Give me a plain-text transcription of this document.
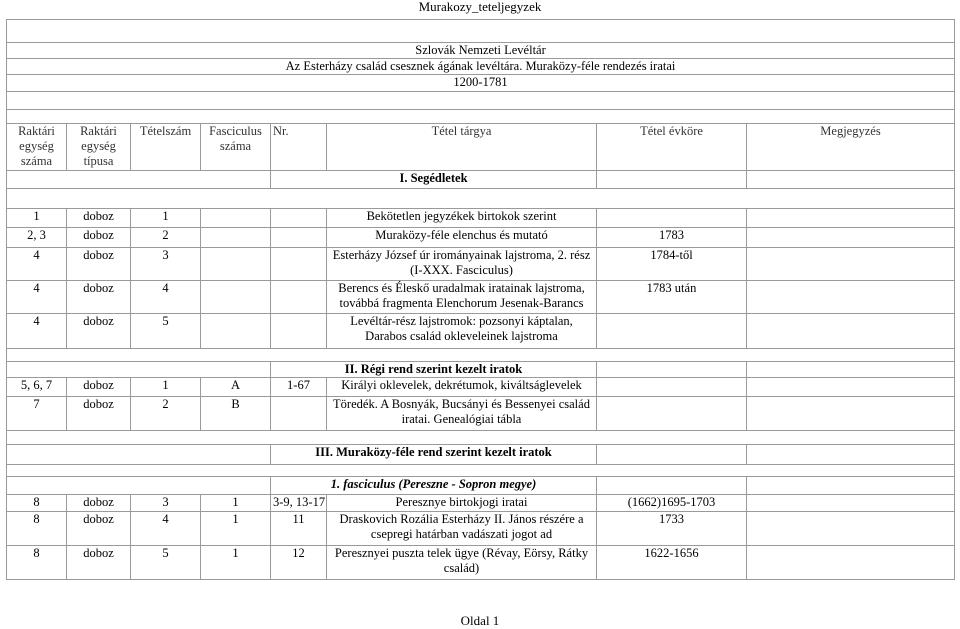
Murakozy_teteljegyzek

Szlovák Nemzeti Levéltár							
Az Esterházy család csesznek ágának levéltára. Muraközy-féle rendezés iratai							
1200-1781							

Raktári egység száma	Raktári egység típusa	Tételszám	Fasciculus száma	Nr.	Tétel tárgya	Tétel évköre	Megjegyzés
				I. Segédletek			

1	doboz	1			Bekötetlen jegyzékek birtokok szerint		
2, 3	doboz	2			Muraközy-féle elenchus és mutató	1783	
4	doboz	3			Esterházy József úr irományainak lajstroma, 2. rész (I-XXX. Fasciculus)	1784-től	
4	doboz	4			Berencs és Éleskő uradalmak iratainak lajstroma, továbbá fragmenta Elenchorum Jesenak-Barancs	1783 után	
4	doboz	5			Levéltár-rész lajstromok: pozsonyi káptalan, Darabos család okleveleinek lajstroma		

				II. Régi rend szerint kezelt iratok			
5, 6, 7	doboz	1	A	1-67	Királyi oklevelek, dekrétumok, kiváltságlevelek		
7	doboz	2	B		Töredék. A Bosnyák, Bucsányi és Bessenyei család iratai. Genealógiai tábla		

				III. Muraközy-féle rend szerint kezelt iratok			

				1. fasciculus (Pereszne - Sopron megye)			
8	doboz	3	1	3-9, 13-17	Peresznye birtokjogi iratai	(1662)1695-1703	
8	doboz	4	1	11	Draskovich Rozália Esterházy II. János részére a csepregi határban vadászati jogot ad	1733	
8	doboz	5	1	12	Peresznyei puszta telek ügye (Révay, Eörsy, Rátky család)	1622-1656	
Oldal 1
